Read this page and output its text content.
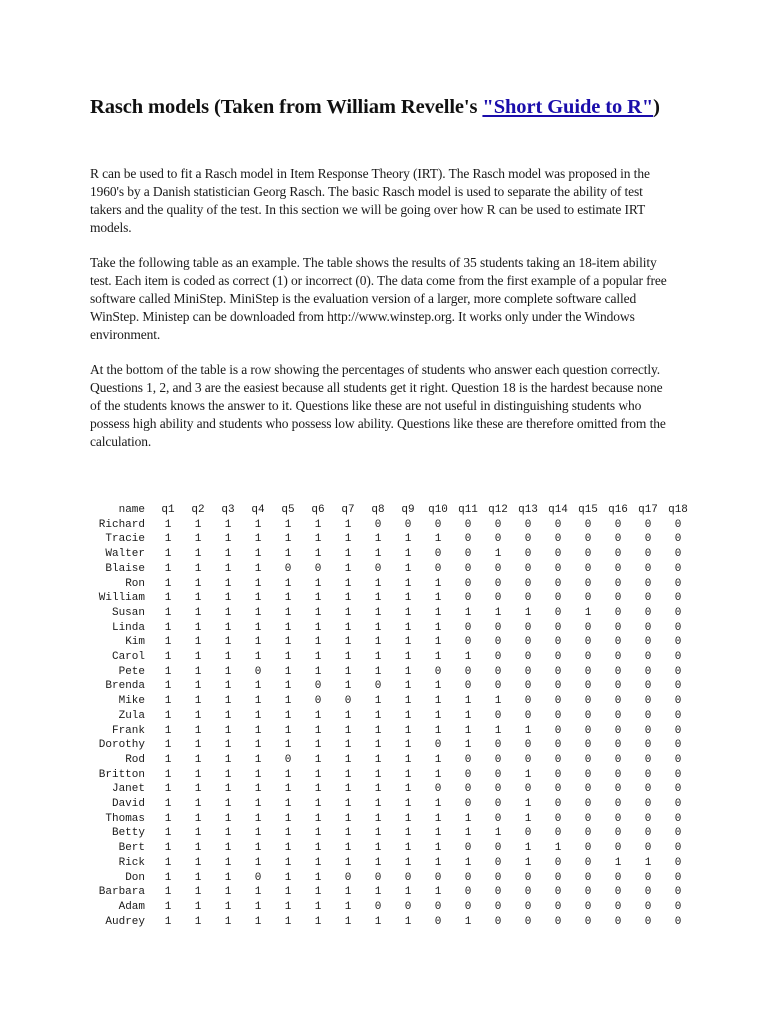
Rasch models (Taken from William Revelle's "Short Guide to R")

R can be used to fit a Rasch model in Item Response Theory (IRT). The Rasch model was proposed in the 1960's by a Danish statistician Georg Rasch. The basic Rasch model is used to separate the ability of test takers and the quality of the test. In this section we will be going over how R can be used to estimate IRT models.

Take the following table as an example. The table shows the results of 35 students taking an 18-item ability test. Each item is coded as correct (1) or incorrect (0). The data come from the first example of a popular free software called MiniStep. MiniStep is the evaluation version of a larger, more complete software called WinStep. Ministep can be downloaded from http://www.winstep.org. It works only under the Windows environment.

At the bottom of the table is a row showing the percentages of students who answer each question correctly. Questions 1, 2, and 3 are the easiest because all students get it right. Question 18 is the hardest because none of the students knows the answer to it. Questions like these are not useful in distinguishing students who possess high ability and students who possess low ability. Questions like these are therefore omitted from the calculation.

name	q1	q2	q3	q4	q5	q6	q7	q8	q9	q10	q11	q12	q13	q14	q15	q16	q17	q18
Richard	1	1	1	1	1	1	1	0	0	0	0	0	0	0	0	0	0	0
Tracie	1	1	1	1	1	1	1	1	1	1	0	0	0	0	0	0	0	0
Walter	1	1	1	1	1	1	1	1	1	0	0	1	0	0	0	0	0	0
Blaise	1	1	1	1	0	0	1	0	1	0	0	0	0	0	0	0	0	0
Ron	1	1	1	1	1	1	1	1	1	1	0	0	0	0	0	0	0	0
William	1	1	1	1	1	1	1	1	1	1	0	0	0	0	0	0	0	0
Susan	1	1	1	1	1	1	1	1	1	1	1	1	1	0	1	0	0	0
Linda	1	1	1	1	1	1	1	1	1	1	0	0	0	0	0	0	0	0
Kim	1	1	1	1	1	1	1	1	1	1	0	0	0	0	0	0	0	0
Carol	1	1	1	1	1	1	1	1	1	1	1	0	0	0	0	0	0	0
Pete	1	1	1	0	1	1	1	1	1	0	0	0	0	0	0	0	0	0
Brenda	1	1	1	1	1	0	1	0	1	1	0	0	0	0	0	0	0	0
Mike	1	1	1	1	1	0	0	1	1	1	1	1	0	0	0	0	0	0
Zula	1	1	1	1	1	1	1	1	1	1	1	0	0	0	0	0	0	0
Frank	1	1	1	1	1	1	1	1	1	1	1	1	1	0	0	0	0	0
Dorothy	1	1	1	1	1	1	1	1	1	0	1	0	0	0	0	0	0	0
Rod	1	1	1	1	0	1	1	1	1	1	0	0	0	0	0	0	0	0
Britton	1	1	1	1	1	1	1	1	1	1	0	0	1	0	0	0	0	0
Janet	1	1	1	1	1	1	1	1	1	0	0	0	0	0	0	0	0	0
David	1	1	1	1	1	1	1	1	1	1	0	0	1	0	0	0	0	0
Thomas	1	1	1	1	1	1	1	1	1	1	1	0	1	0	0	0	0	0
Betty	1	1	1	1	1	1	1	1	1	1	1	1	0	0	0	0	0	0
Bert	1	1	1	1	1	1	1	1	1	1	0	0	1	1	0	0	0	0
Rick	1	1	1	1	1	1	1	1	1	1	1	0	1	0	0	1	1	0
Don	1	1	1	0	1	1	0	0	0	0	0	0	0	0	0	0	0	0
Barbara	1	1	1	1	1	1	1	1	1	1	0	0	0	0	0	0	0	0
Adam	1	1	1	1	1	1	1	0	0	0	0	0	0	0	0	0	0	0
Audrey	1	1	1	1	1	1	1	1	1	0	1	0	0	0	0	0	0	0
